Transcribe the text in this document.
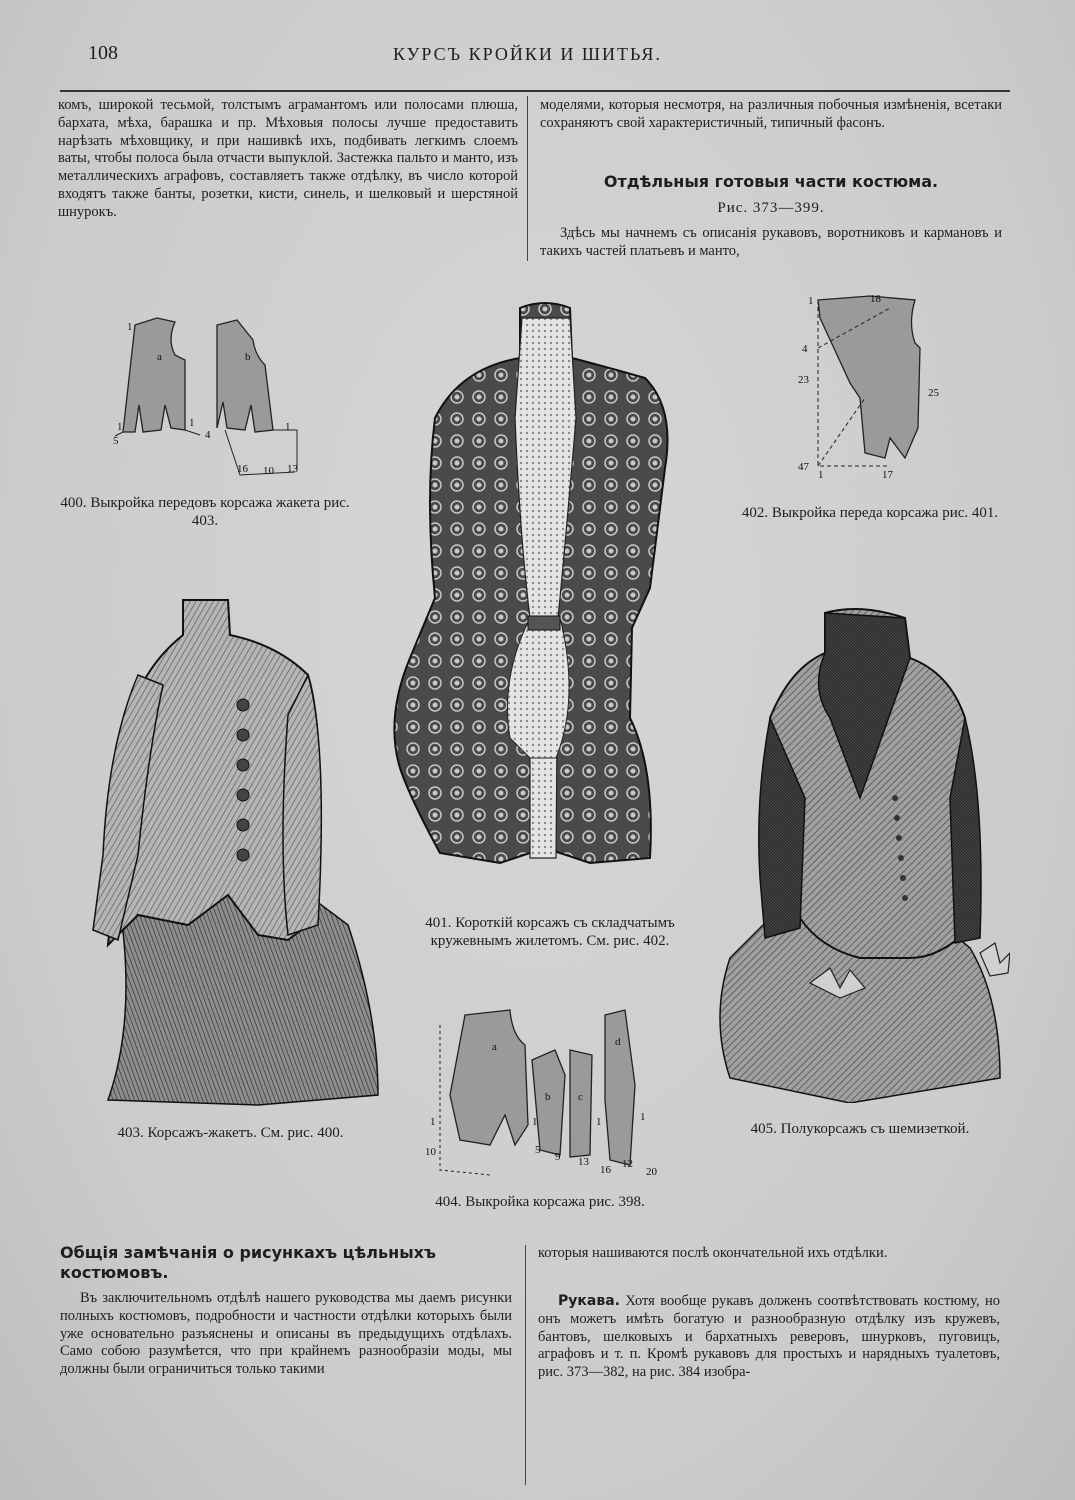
108	КУРСЪ КРОЙКИ И ШИТЬЯ.

комъ, широкой тесьмой, толстымъ аграмантомъ или полосами плюша, бархата, мѣха, барашка и пр. Мѣховыя полосы лучше предоставить нарѣзать мѣховщику, и при нашивкѣ ихъ, подбивать легкимъ слоемъ ваты, чтобы полоса была отчасти выпуклой. Застежка пальто и манто, изъ металлическихъ аграфовъ, составляетъ также отдѣлку, въ число которой входятъ также банты, розетки, кисти, синель, и шелковый и шерстяной шнурокъ.

моделями, которыя несмотря, на различныя побочныя измѣненія, всетаки сохраняютъ свой характеристичный, типичный фасонъ.

Отдѣльныя готовыя части костюма.
Рис. 373—399.

Здѣсь мы начнемъ съ описанія рукавовъ, воротниковъ и кармановъ и такихъ частей платьевъ и манто,

a	b
1
1
5
1
4
1
16 10 13
400. Выкройка передовъ корсажа жакета рис. 403.
401. Короткій корсажъ съ складчатымъ кружевнымъ жилетомъ. См. рис. 402.
1	18
4
23
25
47
1	17
402. Выкройка переда корсажа рис. 401.
403. Корсажъ-жакетъ. См. рис. 400.
a
b	c
d
1	1	1	1
10	5
9 13
16 12
20
404. Выкройка корсажа рис. 398.
405. Полукорсажъ съ шемизеткой.
Общія замѣчанія о рисункахъ цѣльныхъ костюмовъ.

Въ заключительномъ отдѣлѣ нашего руководства мы даемъ рисунки полныхъ костюмовъ, подробности и частности отдѣлки которыхъ были уже основательно разъяснены и описаны въ предыдущихъ отдѣлахъ. Само собою разумѣется, что при крайнемъ разнообразіи моды, мы должны были ограничиться только такими

которыя нашиваются послѣ окончательной ихъ отдѣлки.

Рукава. Хотя вообще рукавъ долженъ соотвѣтствовать костюму, но онъ можетъ имѣть богатую и разнообразную отдѣлку изъ кружевъ, бантовъ, шелковыхъ и бархатныхъ реверовъ, шнурковъ, пуговицъ, аграфовъ и т. п. Кромѣ рукавовъ для простыхъ и нарядныхъ туалетовъ, рис. 373—382, на рис. 384 изобра-
